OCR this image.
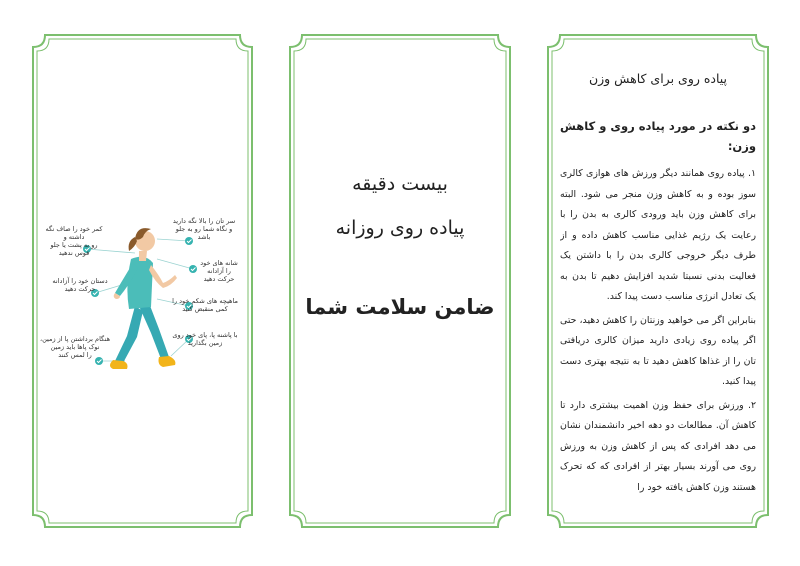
کمر خود را صاف نگه داشته و
رو به پشت یا جلو
قوس ندهید
سر تان را بالا نگه دارید
و نگاه شما رو به جلو باشد
شانه های خود
را آزادانه
حرکت دهید
دستان خود را آزادانه
حرکت دهید
ماهیچه های شکم خود را
کمی منقبض کنید
با پاشنه پا، پای خود روی
زمین بگذارید
هنگام برداشتن پا از زمین،
نوک پاها باید زمین
را لمس کنند
بیست دقیقه
پیاده روی روزانه
ضامن سلامت شما

پیاده روی برای کاهش وزن

دو نکته در مورد پیاده روی و کاهش وزن:

۱. پیاده روی همانند دیگر ورزش های هوازی کالری سوز بوده و به کاهش وزن منجر می شود. البته برای کاهش وزن باید ورودی کالری به بدن را با رعایت یک رژیم غذایی مناسب کاهش داده و از طرف دیگر خروجی کالری بدن را با داشتن یک فعالیت بدنی نسبتا شدید افزایش دهیم تا بدن به یک تعادل انرژی مناسب دست پیدا کند.

بنابراین اگر می خواهید وزنتان را کاهش دهید، حتی اگر پیاده روی زیادی دارید میزان کالری دریافتی تان را از غذاها کاهش دهید تا به نتیجه بهتری دست پیدا کنید.

۲. ورزش برای حفظ وزن اهمیت بیشتری دارد تا کاهش آن. مطالعات دو دهه اخیر دانشمندان نشان می دهد افرادی که پس از کاهش وزن به ورزش روی می آورند بسیار بهتر از افرادی که که تحرک هستند وزن کاهش یافته خود را
